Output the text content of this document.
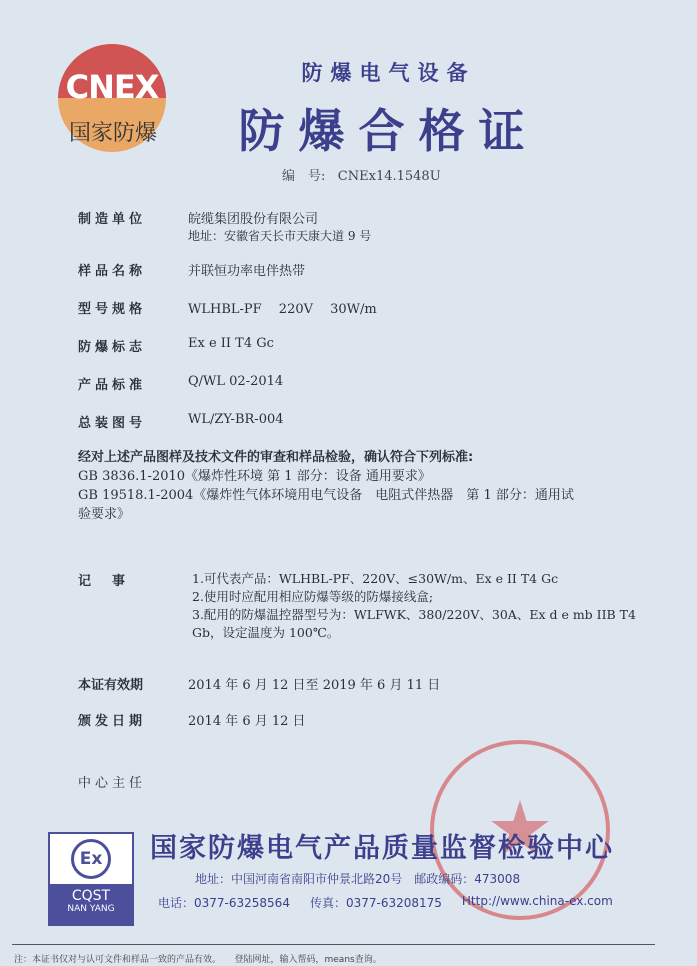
CNEX
国家防爆
防爆电气设备
防爆合格证
编　号: CNEx14.1548U
制造单位	皖缆集团股份有限公司
地址：安徽省天长市天康大道 9 号
样品名称	并联恒功率电伴热带
型号规格	WLHBL-PF　 220V　 30W/m
防爆标志	Ex e II T4 Gc
产品标准	Q/WL 02-2014
总装图号	WL/ZY-BR-004
经对上述产品图样及技术文件的审查和样品检验，确认符合下列标准:
GB 3836.1-2010《爆炸性环境 第 1 部分：设备 通用要求》
GB 19518.1-2004《爆炸性气体环境用电气设备　电阻式伴热器　第 1 部分：通用试验要求》
记　事	1.可代表产品：WLHBL-PF、220V、≤30W/m、Ex e II T4 Gc
2.使用时应配用相应防爆等级的防爆接线盒;
3.配用的防爆温控器型号为：WLFWK、380/220V、30A、Ex d e mb IIB T4 Gb，设定温度为 100℃。
本证有效期	2014 年 6 月 12 日至 2019 年 6 月 11 日
颁发日期	2014 年 6 月 12 日
中心主任
Ex
CQST
NAN YANG
国家防爆电气产品质量监督检验中心
地址：中国河南省南阳市仲景北路20号　邮政编码：473008
电话：0377-63258564 传真：0377-63208175 Http://www.china-ex.com
注：本证书仅对与认可文件和样品一致的产品有效。　　登陆网址，输入帮码，means查询。
